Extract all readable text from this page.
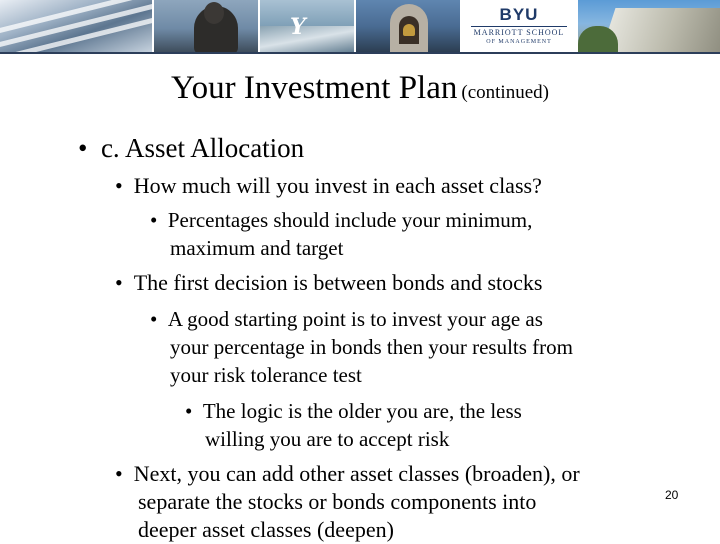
Y	BYU
MARRIOTT SCHOOL
OF MANAGEMENT
Your Investment Plan (continued)
• c. Asset Allocation
• How much will you invest in each asset class?
• Percentages should include your minimum,
maximum and target
• The first decision is between bonds and stocks
• A good starting point is to invest your age as
your percentage in bonds then your results from
your risk tolerance test
• The logic is the older you are, the less
willing you are to accept risk
• Next, you can add other asset classes (broaden), or
separate the stocks or bonds components into
deeper asset classes (deepen)
20
